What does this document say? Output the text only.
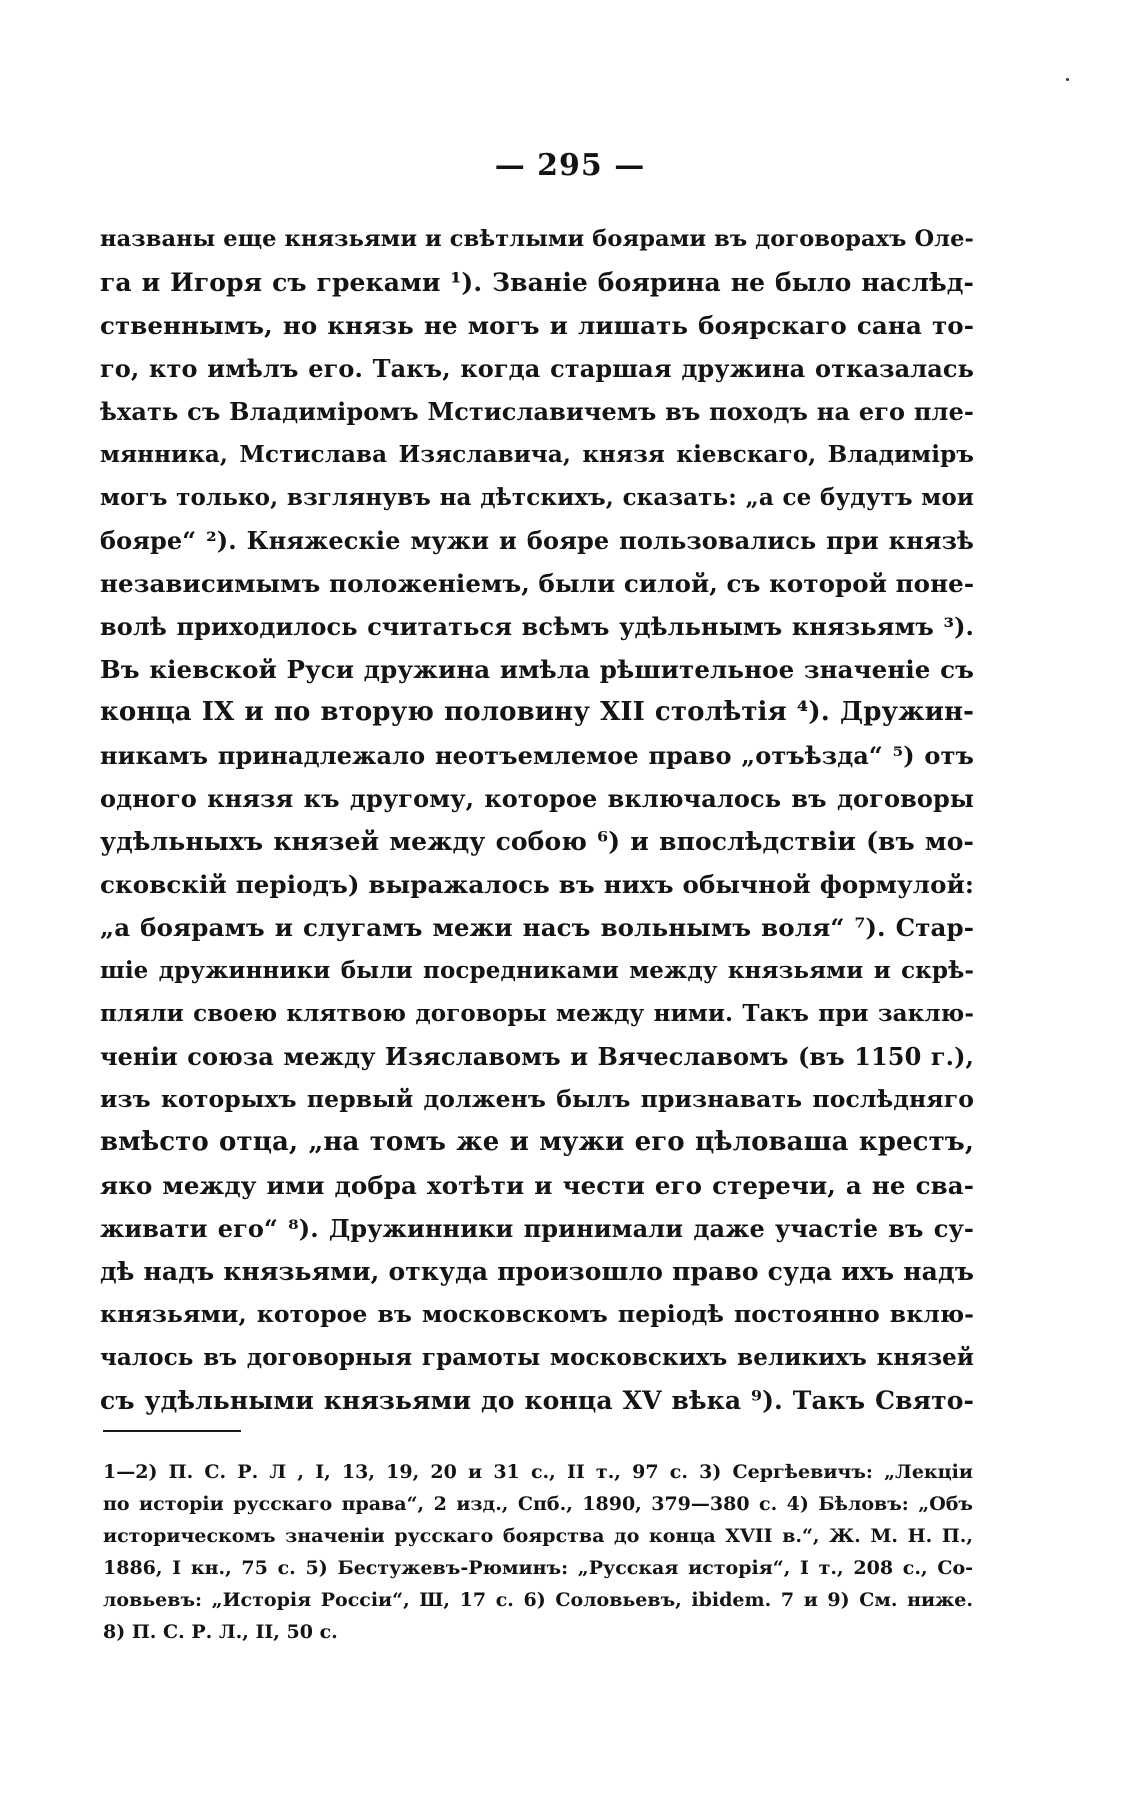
— 295 —
названы еще князьями и свѣтлыми боярами въ договорахъ Оле-
га и Игоря съ греками ¹). Званіе боярина не было наслѣд-
ственнымъ, но князь не могъ и лишать боярскаго сана то-
го, кто имѣлъ его. Такъ, когда старшая дружина отказалась
ѣхать съ Владиміромъ Мстиславичемъ въ походъ на его пле-
мянника, Мстислава Изяславича, князя кіевскаго, Владиміръ
могъ только, взглянувъ на дѣтскихъ, сказать: „а се будутъ мои
бояре“ ²). Княжескіе мужи и бояре пользовались при князѣ
независимымъ положеніемъ, были силой, съ которой поне-
волѣ приходилось считаться всѣмъ удѣльнымъ князьямъ ³).
Въ кіевской Руси дружина имѣла рѣшительное значеніе съ
конца IX и по вторую половину XII столѣтія ⁴). Дружин-
никамъ принадлежало неотъемлемое право „отъѣзда“ ⁵) отъ
одного князя къ другому, которое включалось въ договоры
удѣльныхъ князей между собою ⁶) и впослѣдствіи (въ мо-
сковскій періодъ) выражалось въ нихъ обычной формулой:
„а боярамъ и слугамъ межи насъ вольнымъ воля“ ⁷). Стар-
шіе дружинники были посредниками между князьями и скрѣ-
пляли своею клятвою договоры между ними. Такъ при заклю-
ченіи союза между Изяславомъ и Вячеславомъ (въ 1150 г.),
изъ которыхъ первый долженъ былъ признавать послѣдняго
вмѣсто отца, „на томъ же и мужи его цѣловаша крестъ,
яко между ими добра хотѣти и чести его стеречи, а не сва-
живати его“ ⁸). Дружинники принимали даже участіе въ су-
дѣ надъ князьями, откуда произошло право суда ихъ надъ
князьями, которое въ московскомъ періодѣ постоянно вклю-
чалось въ договорныя грамоты московскихъ великихъ князей
съ удѣльными князьями до конца XV вѣка ⁹). Такъ Свято-
1—2) П. С. Р. Л , I, 13, 19, 20 и 31 с., II т., 97 с. 3) Сергѣевичъ: „Лекціи
по исторіи русскаго права“, 2 изд., Спб., 1890, 379—380 с. 4) Бѣловъ: „Объ
историческомъ значеніи русскаго боярства до конца XVII в.“, Ж. М. Н. П.,
1886, I кн., 75 с. 5) Бестужевъ-Рюминъ: „Русская исторія“, I т., 208 с., Со-
ловьевъ: „Исторія Россіи“, Ш, 17 с. 6) Соловьевъ, ibidem. 7 и 9) См. ниже.
8) П. С. Р. Л., II, 50 с.
